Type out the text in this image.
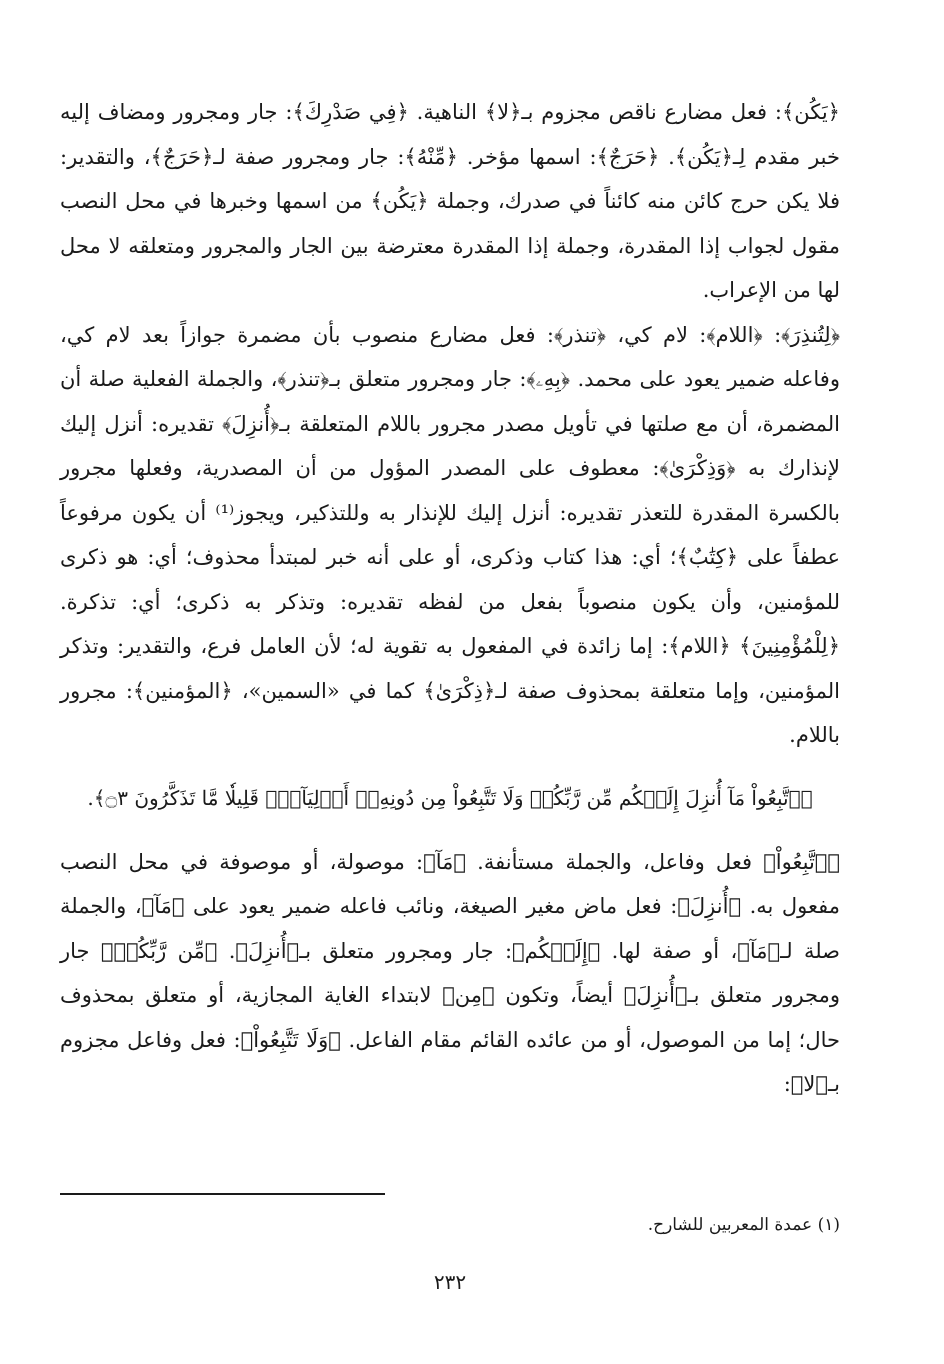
﴿يَكُن﴾: فعل مضارع ناقص مجزوم بـ﴿لا﴾ الناهية. ﴿فِي صَدْرِكَ﴾: جار ومجرور ومضاف إليه خبر مقدم لِـ﴿يَكُن﴾. ﴿حَرَجٌ﴾: اسمها مؤخر. ﴿مِّنْهُ﴾: جار ومجرور صفة لـ﴿حَرَجٌ﴾، والتقدير: فلا يكن حرج كائن منه كائناً في صدرك، وجملة ﴿يَكُن﴾ من اسمها وخبرها في محل النصب مقول لجواب إذا المقدرة، وجملة إذا المقدرة معترضة بين الجار والمجرور ومتعلقه لا محل لها من الإعراب.

﴿لِتُنذِرَ﴾: ﴿اللام﴾: لام كي، ﴿تنذر﴾: فعل مضارع منصوب بأن مضمرة جوازاً بعد لام كي، وفاعله ضمير يعود على محمد. ﴿بِهِۦ﴾: جار ومجرور متعلق بـ﴿تنذر﴾، والجملة الفعلية صلة أن المضمرة، أن مع صلتها في تأويل مصدر مجرور باللام المتعلقة بـ﴿أُنزِلَ﴾ تقديره: أنزل إليك لإنذارك به ﴿وَذِكْرَىٰ﴾: معطوف على المصدر المؤول من أن المصدرية، وفعلها مجرور بالكسرة المقدرة للتعذر تقديره: أنزل إليك للإنذار به وللتذكير، ويجوز⁽¹⁾ أن يكون مرفوعاً عطفاً على ﴿كِتَٰبٌ﴾؛ أي: هذا كتاب وذكرى، أو على أنه خبر لمبتدأ محذوف؛ أي: هو ذكرى للمؤمنين، وأن يكون منصوباً بفعل من لفظه تقديره: وتذكر به ذكرى؛ أي: تذكرة. ﴿لِلْمُؤْمِنِينَ﴾ ﴿اللام﴾: إما زائدة في المفعول به تقوية له؛ لأن العامل فرع، والتقدير: وتذكر المؤمنين، وإما متعلقة بمحذوف صفة لـ﴿ذِكْرَىٰ﴾ كما في «السمين»، ﴿المؤمنين﴾: مجرور باللام.

﴿ٱتَّبِعُواْ مَآ أُنزِلَ إِلَيۡكُم مِّن رَّبِّكُمۡ وَلَا تَتَّبِعُواْ مِن دُونِهِۦٓ أَوۡلِيَآءَۗ قَلِيلٗا مَّا تَذَكَّرُونَ ۝٣﴾.

﴿ٱتَّبِعُواْ﴾ فعل وفاعل، والجملة مستأنفة. ﴿مَآ﴾: موصولة، أو موصوفة في محل النصب مفعول به. ﴿أُنزِلَ﴾: فعل ماض مغير الصيغة، ونائب فاعله ضمير يعود على ﴿مَآ﴾، والجملة صلة لـ﴿مَآ﴾، أو صفة لها. ﴿إِلَيۡكُم﴾: جار ومجرور متعلق بـ﴿أُنزِلَ﴾. ﴿مِّن رَّبِّكُمۡ﴾ جار ومجرور متعلق بـ﴿أُنزِلَ﴾ أيضاً، وتكون ﴿مِن﴾ لابتداء الغاية المجازية، أو متعلق بمحذوف حال؛ إما من الموصول، أو من عائده القائم مقام الفاعل. ﴿وَلَا تَتَّبِعُواْ﴾: فعل وفاعل مجزوم بـ﴿لا﴾:

(١) عمدة المعربين للشارح.
٢٣٢
